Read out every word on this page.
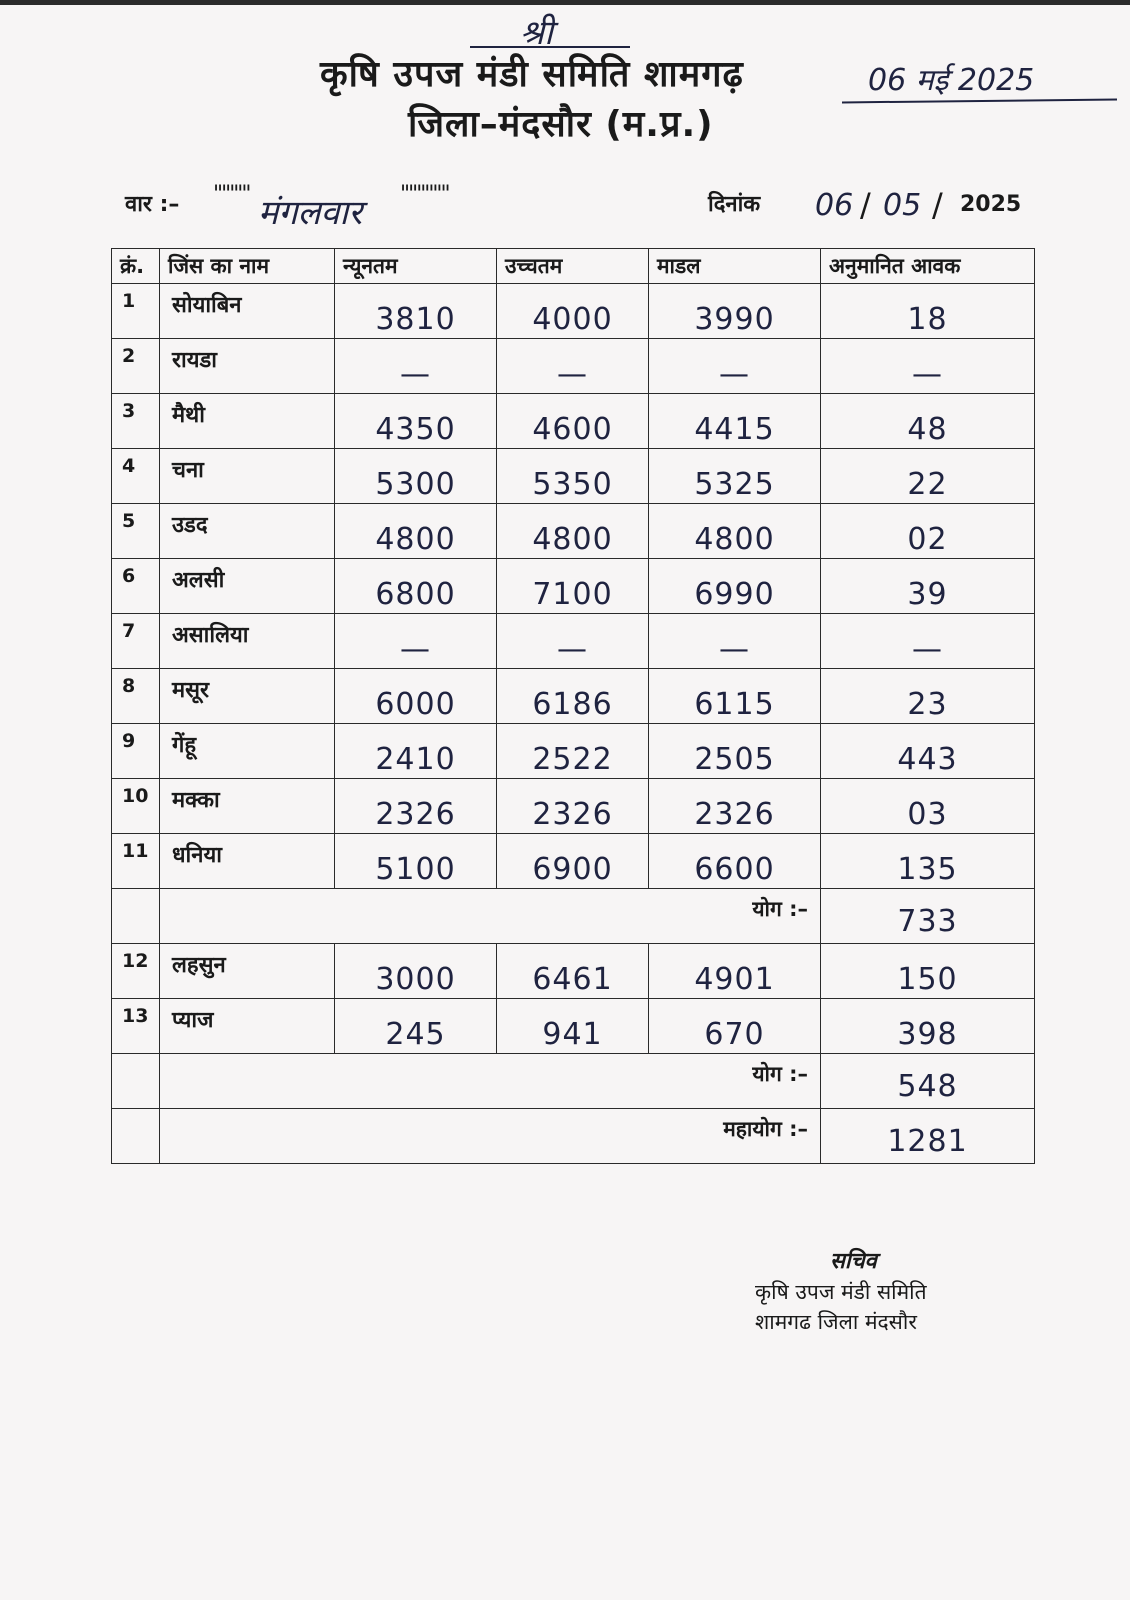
श्री
कृषि उपज मंडी समिति शामगढ़
जिला–मंदसौर (म.प्र.)
06 मई 2025
वार :– ''''''''' मंगलवार ''''''''''''	दिनांक 06 / 05 / 2025
क्रं.	जिंस का नाम	न्यूनतम	उच्चतम	माडल	अनुमानित आवक

1	सोयाबिन	3810	4000	3990	18

2	रायडा	—	—	—	—

3	मैथी	4350	4600	4415	48

4	चना	5300	5350	5325	22

5	उडद	4800	4800	4800	02

6	अलसी	6800	7100	6990	39

7	असालिया	—	—	—	—

8	मसूर	6000	6186	6115	23

9	गेंहू	2410	2522	2505	443

10	मक्का	2326	2326	2326	03

11	धनिया	5100	6900	6600	135

	योग :–				733

12	लहसुन	3000	6461	4901	150

13	प्याज	245	941	670	398

	योग :–				548

	महायोग :–				1281
सचिव
कृषि उपज मंडी समिति
शामगढ जिला मंदसौर
